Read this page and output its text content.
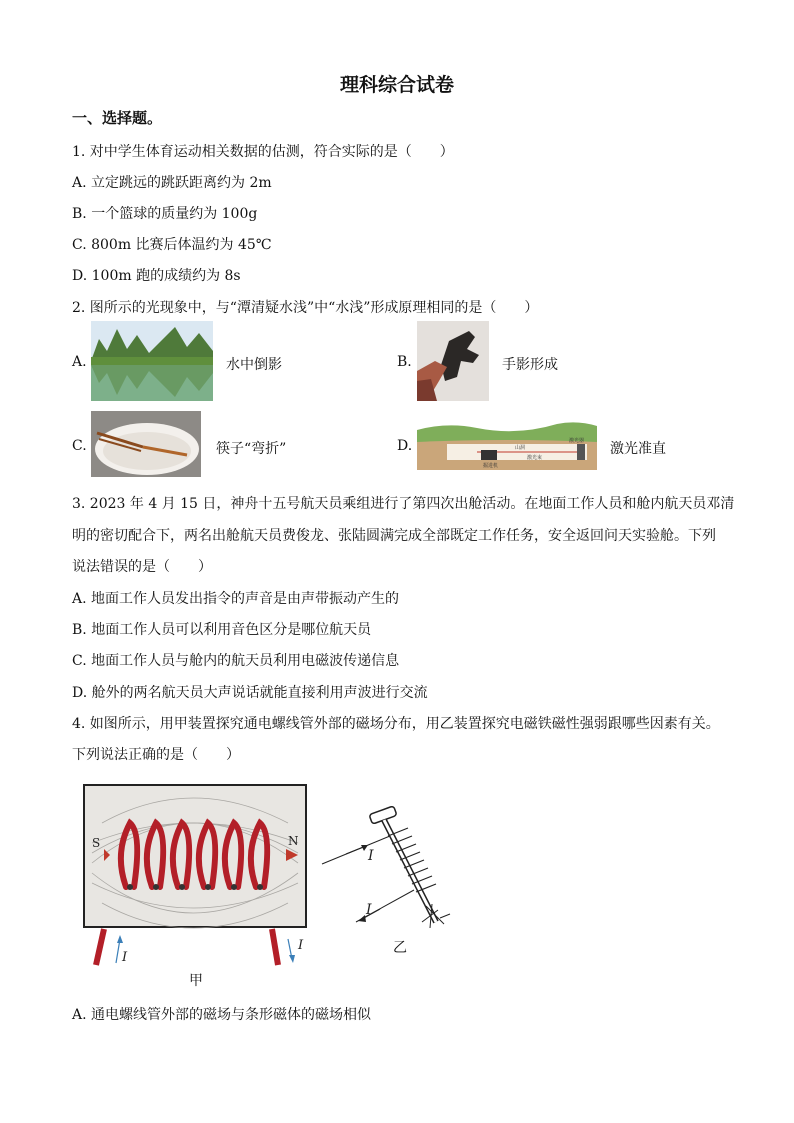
理科综合试卷
一、选择题。
1. 对中学生体育运动相关数据的估测，符合实际的是（　　）
A. 立定跳远的跳跃距离约为 2m
B. 一个篮球的质量约为 100g
C. 800m 比赛后体温约为 45℃
D. 100m 跑的成绩约为 8s
2. 图所示的光现象中，与“潭清疑水浅”中“水浅”形成原理相同的是（　　）
A.	水中倒影	B.	手影形成
C.	筷子“弯折”	D.	山洞
激光束
掘进机
激光器 激光准直
3. 2023 年 4 月 15 日，神舟十五号航天员乘组进行了第四次出舱活动。在地面工作人员和舱内航天员邓清
明的密切配合下，两名出舱航天员费俊龙、张陆圆满完成全部既定工作任务，安全返回问天实验舱。下列
说法错误的是（　　）
A. 地面工作人员发出指令的声音是由声带振动产生的
B. 地面工作人员可以利用音色区分是哪位航天员
C. 地面工作人员与舱内的航天员利用电磁波传递信息
D. 舱外的两名航天员大声说话就能直接利用声波进行交流
4. 如图所示，用甲装置探究通电螺线管外部的磁场分布，用乙装置探究电磁铁磁性强弱跟哪些因素有关。
下列说法正确的是（　　）
S	N
I
I
甲
I
I
乙
A. 通电螺线管外部的磁场与条形磁体的磁场相似
